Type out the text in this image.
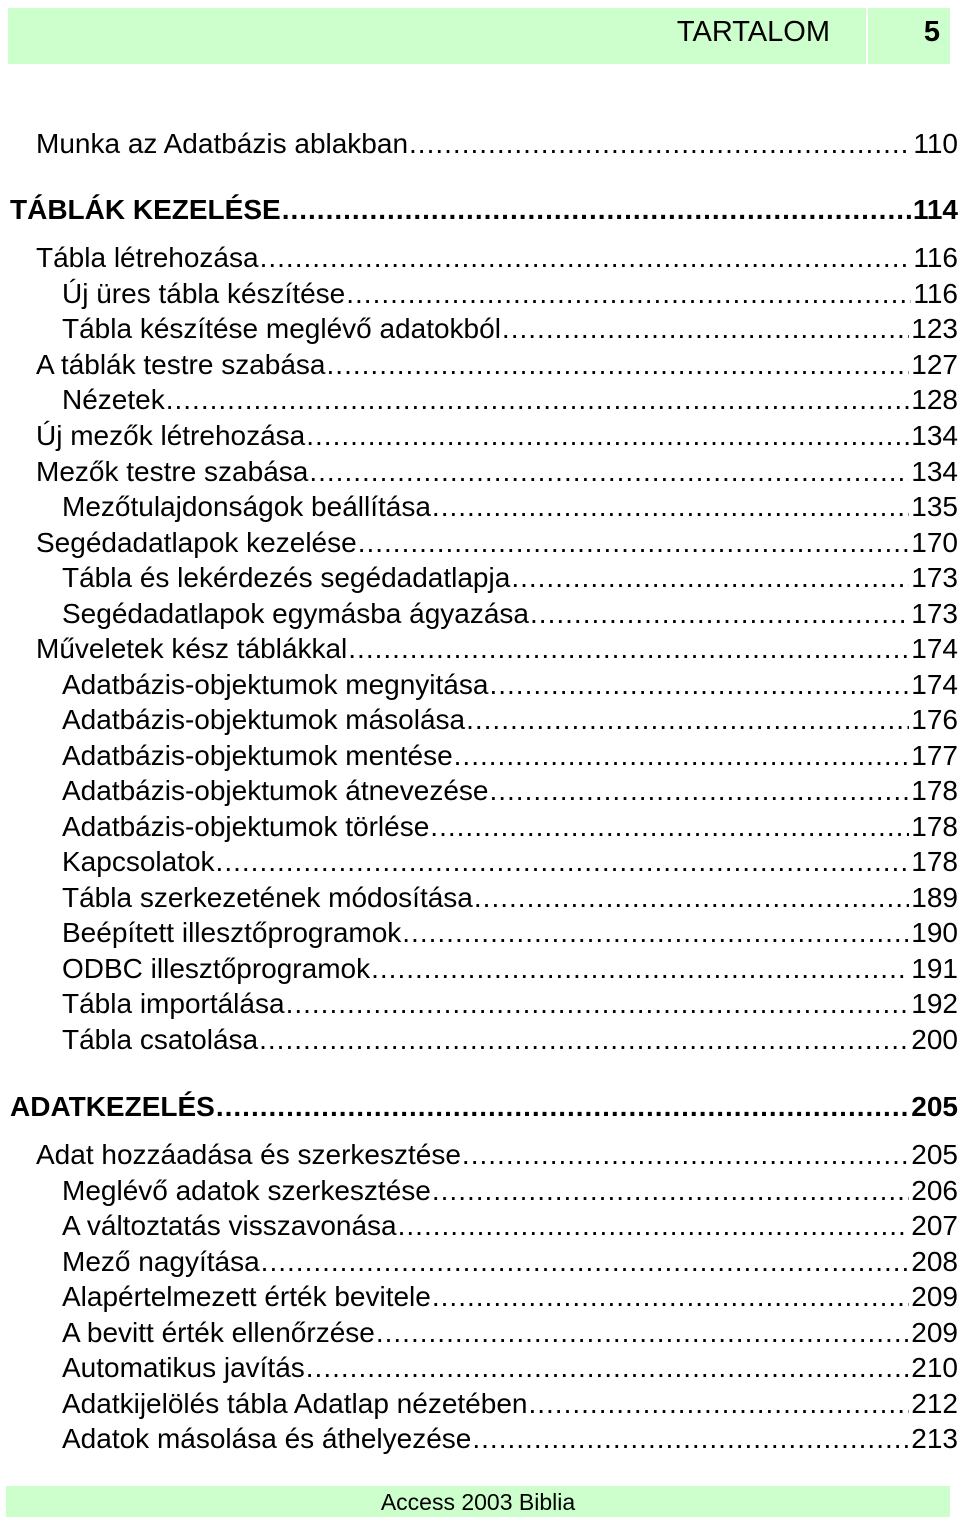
TARTALOM	5
Munka az Adatbázis ablakban .....	110
TÁBLÁK KEZELÉSE .....	114
Tábla létrehozása .....	116
Új üres tábla készítése .....	116
Tábla készítése meglévő adatokból .....	123
A táblák testre szabása .....	127
Nézetek .....	128
Új mezők létrehozása .....	134
Mezők testre szabása .....	134
Mezőtulajdonságok beállítása .....	135
Segédadatlapok kezelése .....	170
Tábla és lekérdezés segédadatlapja .....	173
Segédadatlapok egymásba ágyazása .....	173
Műveletek kész táblákkal .....	174
Adatbázis-objektumok megnyitása .....	174
Adatbázis-objektumok másolása .....	176
Adatbázis-objektumok mentése .....	177
Adatbázis-objektumok átnevezése .....	178
Adatbázis-objektumok törlése .....	178
Kapcsolatok .....	178
Tábla szerkezetének módosítása .....	189
Beépített illesztőprogramok .....	190
ODBC illesztőprogramok .....	191
Tábla importálása .....	192
Tábla csatolása .....	200
ADATKEZELÉS .....	205
Adat hozzáadása és szerkesztése .....	205
Meglévő adatok szerkesztése .....	206
A változtatás visszavonása .....	207
Mező nagyítása .....	208
Alapértelmezett érték bevitele .....	209
A bevitt érték ellenőrzése .....	209
Automatikus javítás .....	210
Adatkijelölés tábla Adatlap nézetében .....	212
Adatok másolása és áthelyezése .....	213
Access 2003 Biblia
